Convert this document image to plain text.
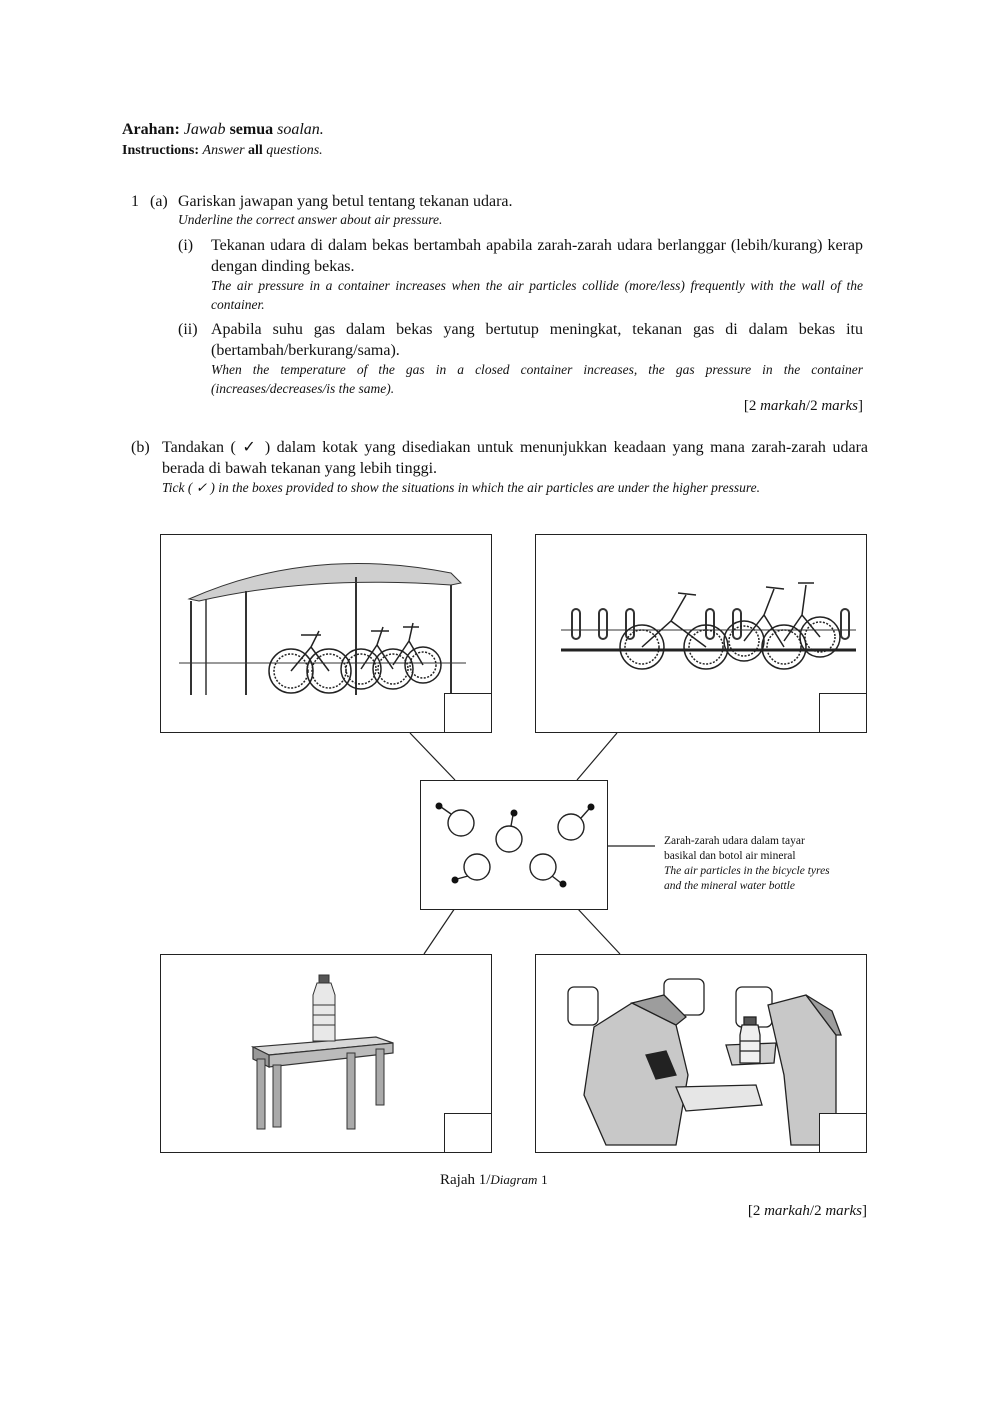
Arahan: Jawab semua soalan.
Instructions: Answer all questions.
1 (a) Gariskan jawapan yang betul tentang tekanan udara.
Underline the correct answer about air pressure.
(i) Tekanan udara di dalam bekas bertambah apabila zarah-zarah udara berlanggar (lebih/kurang) kerap dengan dinding bekas.
The air pressure in a container increases when the air particles collide (more/less) frequently with the wall of the container.
(ii) Apabila suhu gas dalam bekas yang bertutup meningkat, tekanan gas di dalam bekas itu (bertambah/berkurang/sama).
When the temperature of the gas in a closed container increases, the gas pressure in the container (increases/decreases/is the same).
[2 markah/2 marks]
(b) Tandakan ( ✓ ) dalam kotak yang disediakan untuk menunjukkan keadaan yang mana zarah-zarah udara berada di bawah tekanan yang lebih tinggi.
Tick ( ✓ ) in the boxes provided to show the situations in which the air particles are under the higher pressure.
Zarah-zarah udara dalam tayar basikal dan botol air mineral
The air particles in the bicycle tyres and the mineral water bottle
Rajah 1/Diagram 1
[2 markah/2 marks]
